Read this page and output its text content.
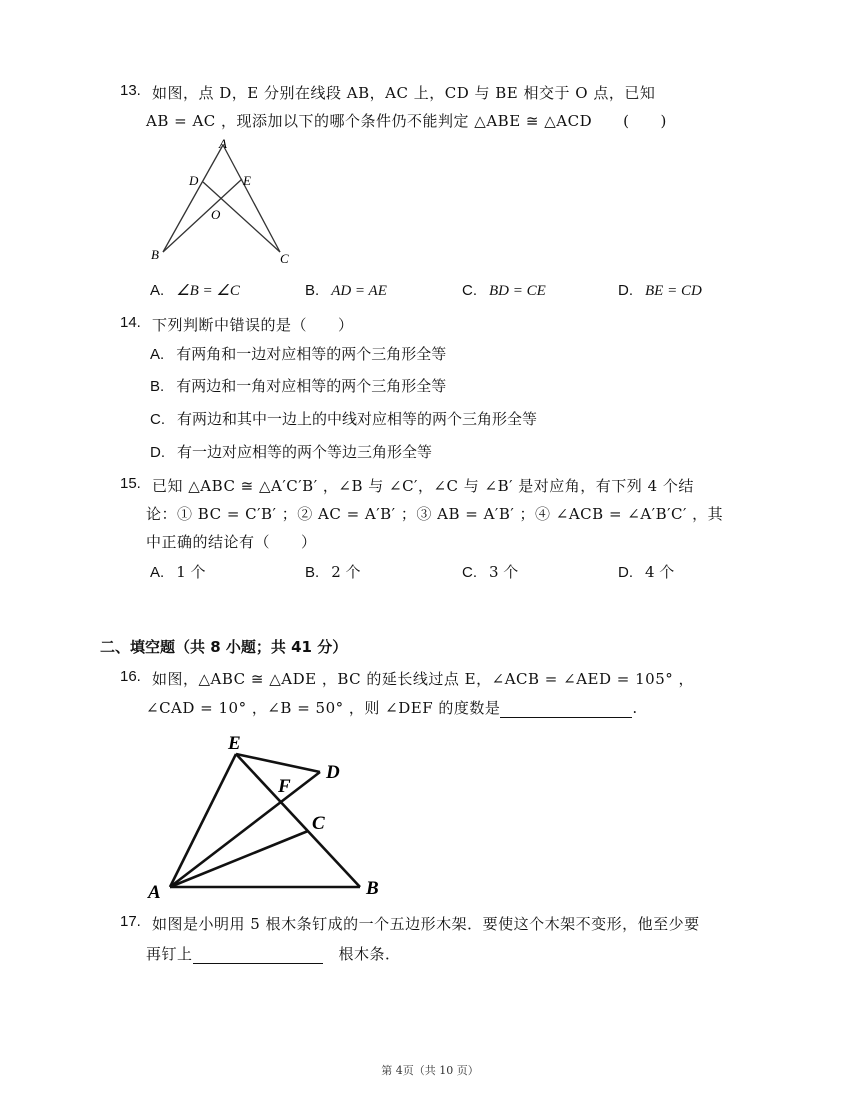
13. 如图，点 D，E 分别在线段 AB，AC 上，CD 与 BE 相交于 O 点，已知
AB = AC ，现添加以下的哪个条件仍不能判定 △ABE ≅ △ACD　　(　　)
A
D	E
O
B	C
A. ∠B = ∠C	B. AD = AE	C. BD = CE	D. BE = CD
14. 下列判断中错误的是（　　）
A. 有两角和一边对应相等的两个三角形全等
B. 有两边和一角对应相等的两个三角形全等
C. 有两边和其中一边上的中线对应相等的两个三角形全等
D. 有一边对应相等的两个等边三角形全等
15. 已知 △ABC ≅ △A′C′B′ ，∠B 与 ∠C′，∠C 与 ∠B′ 是对应角，有下列 4 个结
论：① BC = C′B′ ；② AC = A′B′ ；③ AB = A′B′ ；④ ∠ACB = ∠A′B′C′ ，其
中正确的结论有（　　）
A. 1 个	B. 2 个	C. 3 个	D. 4 个
二、填空题（共 8 小题；共 41 分）
16. 如图，△ABC ≅ △ADE ，BC 的延长线过点 E，∠ACB = ∠AED = 105° ，
∠CAD = 10° ，∠B = 50° ，则 ∠DEF 的度数是	.
E
D
F
C
A	B
17. 如图是小明用 5 根木条钉成的一个五边形木架．要使这个木架不变形，他至少要
再钉上	根木条．
第 4页（共 10 页）
